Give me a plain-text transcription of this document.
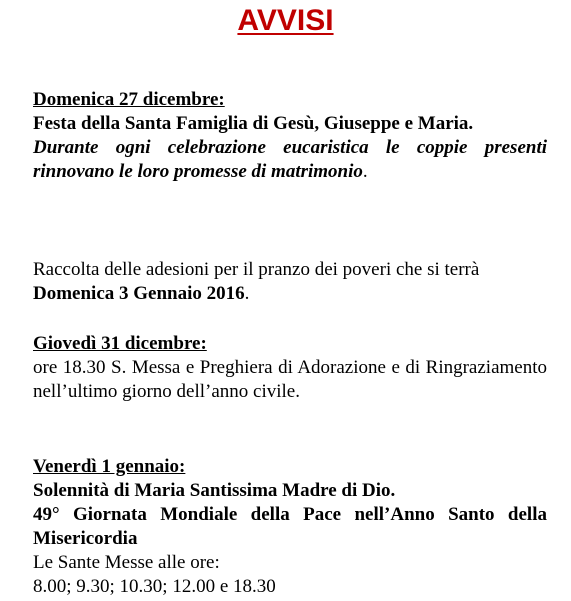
AVVISI

Domenica 27 dicembre:

Festa della Santa Famiglia di Gesù, Giuseppe e Maria.

Durante ogni celebrazione eucaristica le coppie presenti rinnovano le loro promesse di matrimonio.

Raccolta delle adesioni per il pranzo dei poveri che si terrà Domenica 3 Gennaio 2016.

Giovedì 31 dicembre:

ore 18.30 S. Messa e Preghiera di Adorazione e di Ringraziamento nell’ultimo giorno dell’anno civile.

Venerdì 1 gennaio:

Solennità di Maria Santissima Madre di Dio.

49° Giornata Mondiale della Pace nell’Anno Santo della Misericordia

Le Sante Messe alle ore:

8.00; 9.30; 10.30; 12.00 e 18.30
